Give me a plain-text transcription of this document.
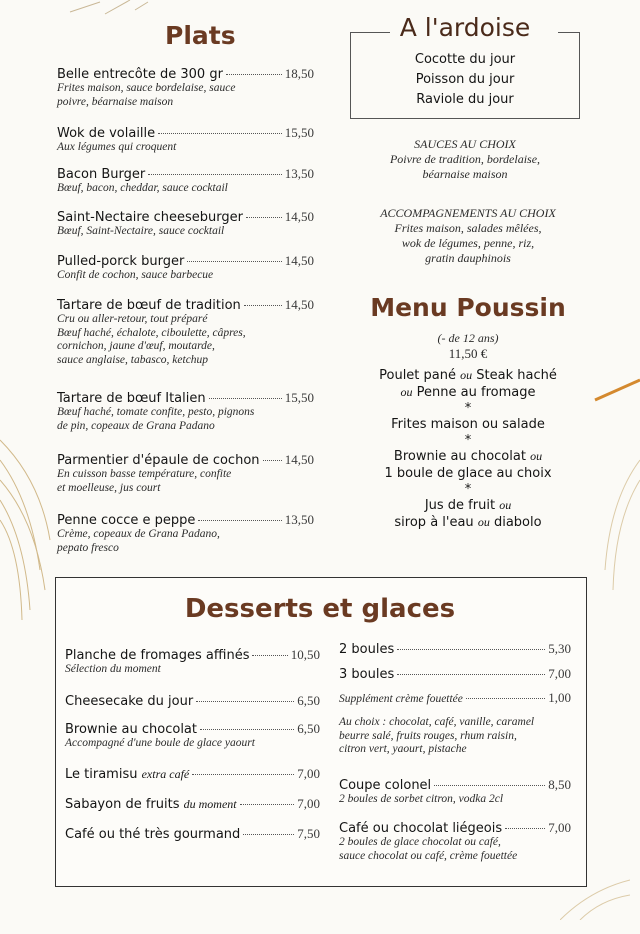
Plats
Belle entrecôte de 300 gr	18,50
Frites maison, sauce bordelaise, sauce
poivre, béarnaise maison
Wok de volaille	15,50
Aux légumes qui croquent
Bacon Burger	13,50
Bœuf, bacon, cheddar, sauce cocktail
Saint-Nectaire cheeseburger	14,50
Bœuf, Saint-Nectaire, sauce cocktail
Pulled-porck burger	14,50
Confit de cochon, sauce barbecue
Tartare de bœuf de tradition	14,50
Cru ou aller-retour, tout préparé
Bœuf haché, échalote, ciboulette, câpres,
cornichon, jaune d'œuf, moutarde,
sauce anglaise, tabasco, ketchup
Tartare de bœuf Italien	15,50
Bœuf haché, tomate confite, pesto, pignons
de pin, copeaux de Grana Padano
Parmentier d'épaule de cochon 14,50
En cuisson basse température, confite
et moelleuse, jus court
Penne cocce e peppe	13,50
Crème, copeaux de Grana Padano,
pepato fresco
A l'ardoise
Cocotte du jour
Poisson du jour
Raviole du jour
SAUCES AU CHOIX
Poivre de tradition, bordelaise,
béarnaise maison
ACCOMPAGNEMENTS AU CHOIX
Frites maison, salades mêlées,
wok de légumes, penne, riz,
gratin dauphinois
Menu Poussin
(- de 12 ans)
11,50 €
Poulet pané ou Steak haché
ou Penne au fromage
*
Frites maison ou salade
*
Brownie au chocolat ou
1 boule de glace au choix
*
Jus de fruit ou
sirop à l'eau ou diabolo
Desserts et glaces
Planche de fromages affinés	10,50
Sélection du moment
Cheesecake du jour	6,50
Brownie au chocolat	6,50
Accompagné d'une boule de glace yaourt
Le tiramisu extra café	7,00
Sabayon de fruits du moment	7,00
Café ou thé très gourmand	7,50
2 boules	5,30
3 boules	7,00
Supplément crème fouettée	1,00
Au choix : chocolat, café, vanille, caramel
beurre salé, fruits rouges, rhum raisin,
citron vert, yaourt, pistache
Coupe colonel	8,50
2 boules de sorbet citron, vodka 2cl
Café ou chocolat liégeois	7,00
2 boules de glace chocolat ou café,
sauce chocolat ou café, crème fouettée
